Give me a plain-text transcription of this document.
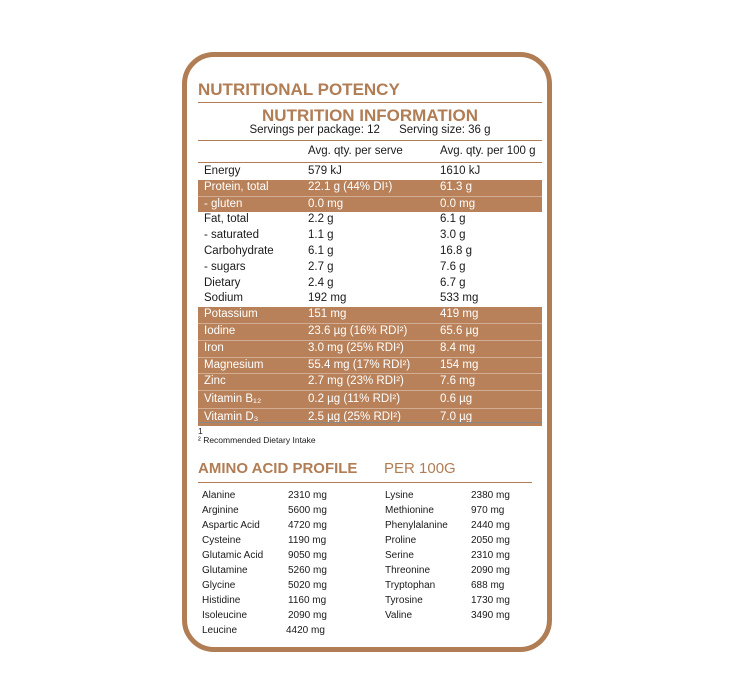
NUTRITIONAL POTENCY
NUTRITION INFORMATION
Servings per package: 12 Serving size: 36 g
Avg. qty. per serve	Avg. qty. per 100 g
Energy	579 kJ	1610 kJ
Protein, total	22.1 g (44% DI¹)	61.3 g
- gluten	0.0 mg	0.0 mg
Fat, total	2.2 g	6.1 g
- saturated	1.1 g	3.0 g
Carbohydrate	6.1 g	16.8 g
- sugars	2.7 g	7.6 g
Dietary	2.4 g	6.7 g
Sodium	192 mg	533 mg
Potassium	151 mg	419 mg
Iodine	23.6 µg (16% RDI²)	65.6 µg
Iron	3.0 mg (25% RDI²)	8.4 mg
Magnesium	55.4 mg (17% RDI²)	154 mg
Zinc	2.7 mg (23% RDI²)	7.6 mg
Vitamin B₁₂	0.2 µg (11% RDI²)	0.6 µg
Vitamin D₃	2.5 µg (25% RDI²)	7.0 µg
1
² Recommended Dietary Intake
AMINO ACID PROFILE PER 100G
Alanine	2310 mg
Arginine	5600 mg
Aspartic Acid	4720 mg
Cysteine	1190 mg
Glutamic Acid 9050 mg
Glutamine	5260 mg
Glycine	5020 mg
Histidine	1160 mg
Isoleucine	2090 mg
Leucine	4420 mg
Lysine	2380 mg
Methionine	970 mg
Phenylalanine 2440 mg
Proline	2050 mg
Serine	2310 mg
Threonine	2090 mg
Tryptophan	688 mg
Tyrosine	1730 mg
Valine	3490 mg
